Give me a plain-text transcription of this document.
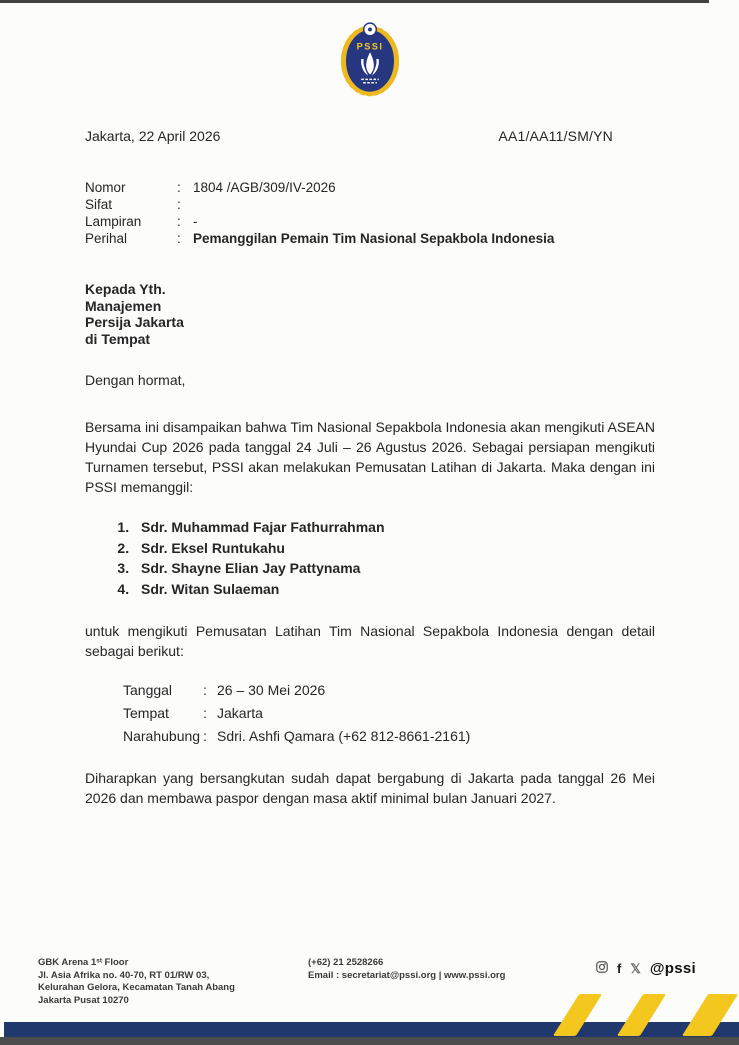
PSSI
Jakarta, 22 April 2026	AA1/AA11/SM/YN
Nomor	: 1804 /AGB/309/IV-2026
Sifat	:
Lampiran	: -
Perihal	: Pemanggilan Pemain Tim Nasional Sepakbola Indonesia
Kepada Yth.
Manajemen
Persija Jakarta
di Tempat
Dengan hormat,
Bersama ini disampaikan bahwa Tim Nasional Sepakbola Indonesia akan mengikuti ASEAN Hyundai Cup 2026 pada tanggal 24 Juli – 26 Agustus 2026. Sebagai persiapan mengikuti Turnamen tersebut, PSSI akan melakukan Pemusatan Latihan di Jakarta. Maka dengan ini PSSI memanggil:
1. Sdr. Muhammad Fajar Fathurrahman
2. Sdr. Eksel Runtukahu
3. Sdr. Shayne Elian Jay Pattynama
4. Sdr. Witan Sulaeman
untuk mengikuti Pemusatan Latihan Tim Nasional Sepakbola Indonesia dengan detail sebagai berikut:
Tanggal	: 26 – 30 Mei 2026
Tempat	: Jakarta
Narahubung : Sdri. Ashfi Qamara (+62 812-8661-2161)
Diharapkan yang bersangkutan sudah dapat bergabung di Jakarta pada tanggal 26 Mei 2026 dan membawa paspor dengan masa aktif minimal bulan Januari 2027.
GBK Arena 1ˢᵗ Floor
Jl. Asia Afrika no. 40-70, RT 01/RW 03,
Kelurahan Gelora, Kecamatan Tanah Abang
Jakarta Pusat 10270
(+62) 21 2528266
Email : secretariat@pssi.org | www.pssi.org	f 𝕏 @pssi
